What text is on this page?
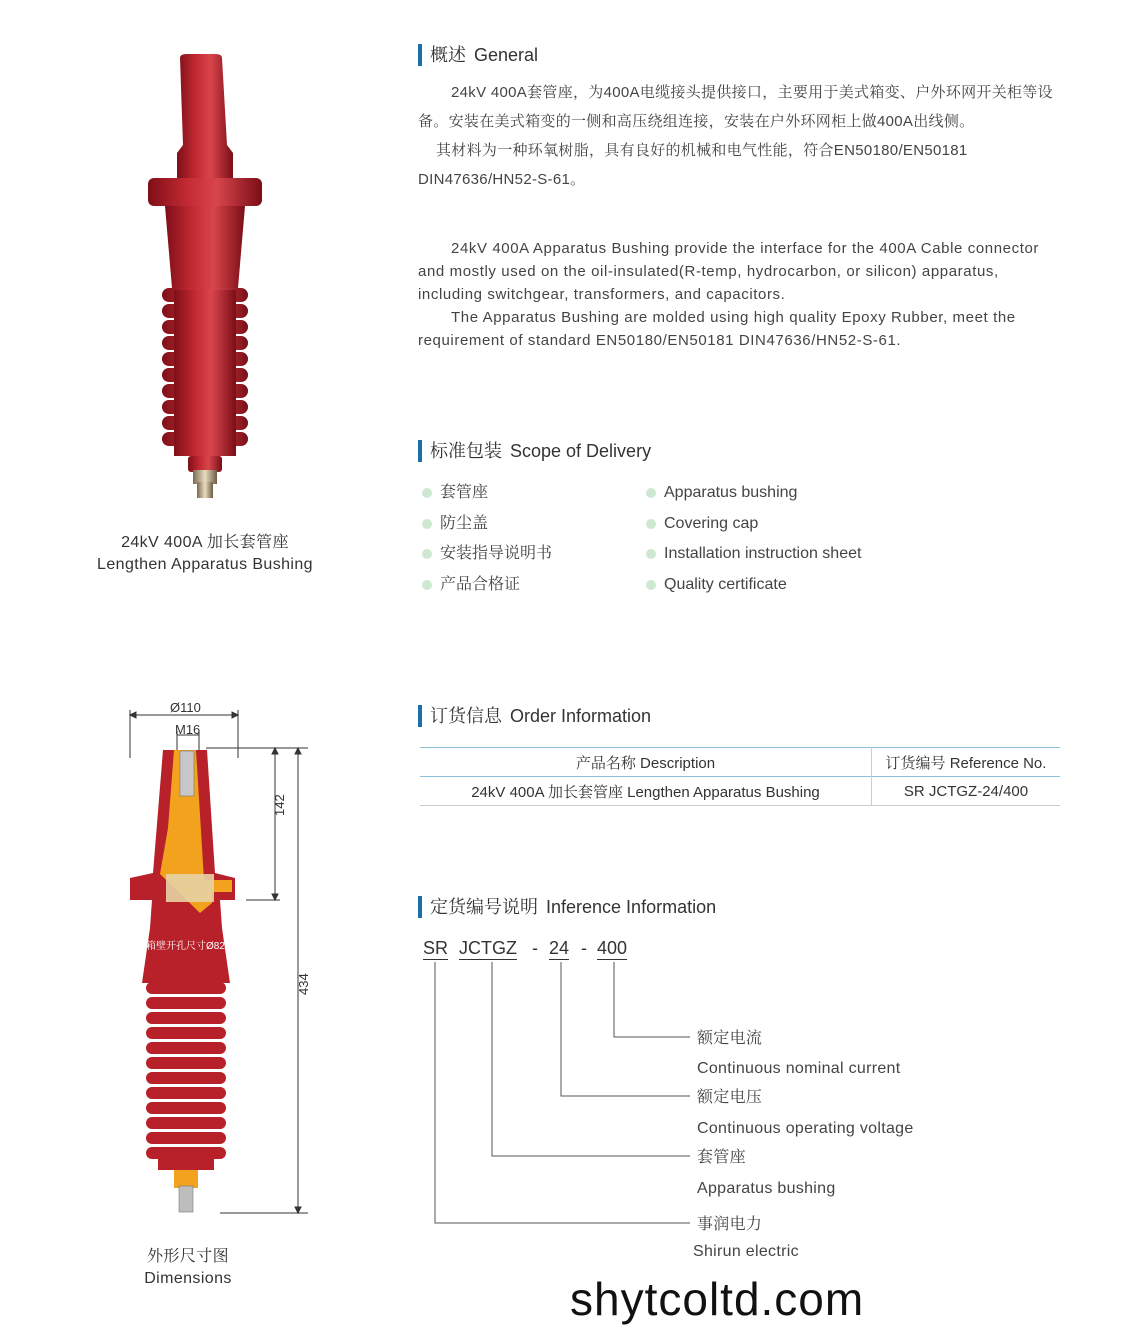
24kV 400A 加长套管座
Lengthen Apparatus Bushing
概述 General
24kV 400A套管座，为400A电缆接头提供接口，主要用于美式箱变、户外环网开关柜等设备。安装在美式箱变的一侧和高压绕组连接，安装在户外环网柜上做400A出线侧。
其材料为一种环氧树脂，具有良好的机械和电气性能，符合EN50180/EN50181 DIN47636/HN52-S-61。
24kV 400A Apparatus Bushing provide the interface for the 400A Cable connector and mostly used on the oil-insulated(R-temp, hydrocarbon, or silicon) apparatus, including switchgear, transformers, and capacitors.
The Apparatus Bushing are molded using high quality Epoxy Rubber, meet the requirement of standard EN50180/EN50181 DIN47636/HN52-S-61.
标准包装 Scope of Delivery
套管座
防尘盖
安装指导说明书
产品合格证
Apparatus bushing
Covering cap
Installation instruction sheet
Quality certificate
Ø110
M16
142
434
箱壁开孔尺寸Ø82
外形尺寸图
Dimensions
订货信息 Order Information
产品名称 Description	订货编号 Reference No.
24kV 400A 加长套管座 Lengthen Apparatus Bushing	SR JCTGZ-24/400
定货编号说明 Inference Information
SR JCTGZ - 24 - 400
额定电流
Continuous nominal current
额定电压
Continuous operating voltage
套管座
Apparatus bushing
事润电力
Shirun electric
shytcoltd.com
